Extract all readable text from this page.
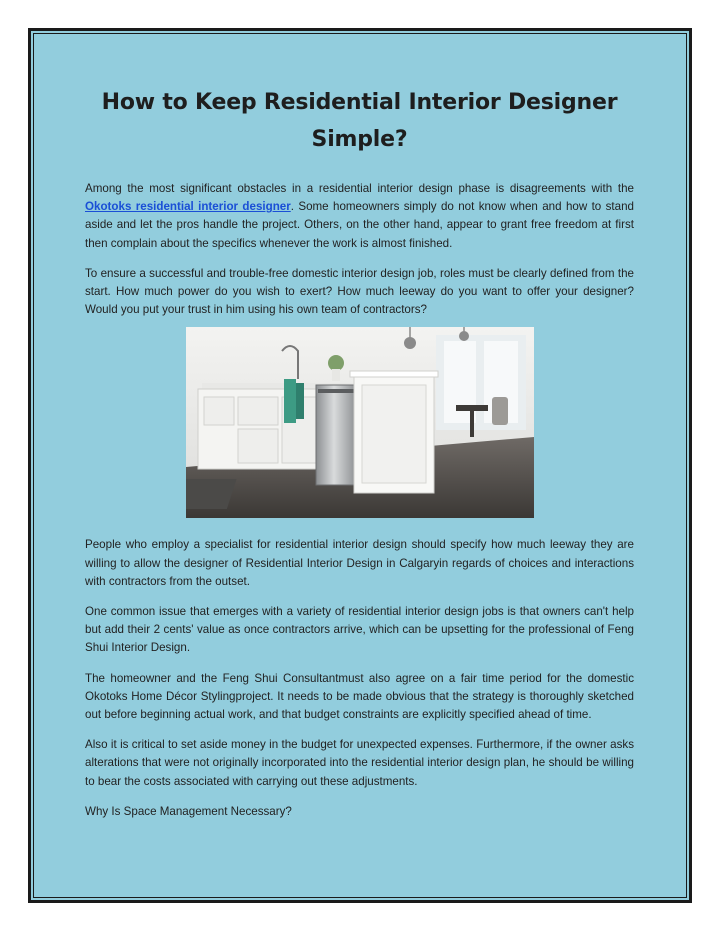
How to Keep Residential Interior Designer
Simple?

Among the most significant obstacles in a residential interior design phase is disagreements with the Okotoks residential interior designer. Some homeowners simply do not know when and how to stand aside and let the pros handle the project. Others, on the other hand, appear to grant free freedom at first then complain about the specifics whenever the work is almost finished.

To ensure a successful and trouble-free domestic interior design job, roles must be clearly defined from the start. How much power do you wish to exert? How much leeway do you want to offer your designer? Would you put your trust in him using his own team of contractors?

People who employ a specialist for residential interior design should specify how much leeway they are willing to allow the designer of Residential Interior Design in Calgaryin regards of choices and interactions with contractors from the outset.

One common issue that emerges with a variety of residential interior design jobs is that owners can't help but add their 2 cents' value as once contractors arrive, which can be upsetting for the professional of Feng Shui Interior Design.

The homeowner and the Feng Shui Consultantmust also agree on a fair time period for the domestic Okotoks Home Décor Stylingproject. It needs to be made obvious that the strategy is thoroughly sketched out before beginning actual work, and that budget constraints are explicitly specified ahead of time.

Also it is critical to set aside money in the budget for unexpected expenses. Furthermore, if the owner asks alterations that were not originally incorporated into the residential interior design plan, he should be willing to bear the costs associated with carrying out these adjustments.

Why Is Space Management Necessary?
